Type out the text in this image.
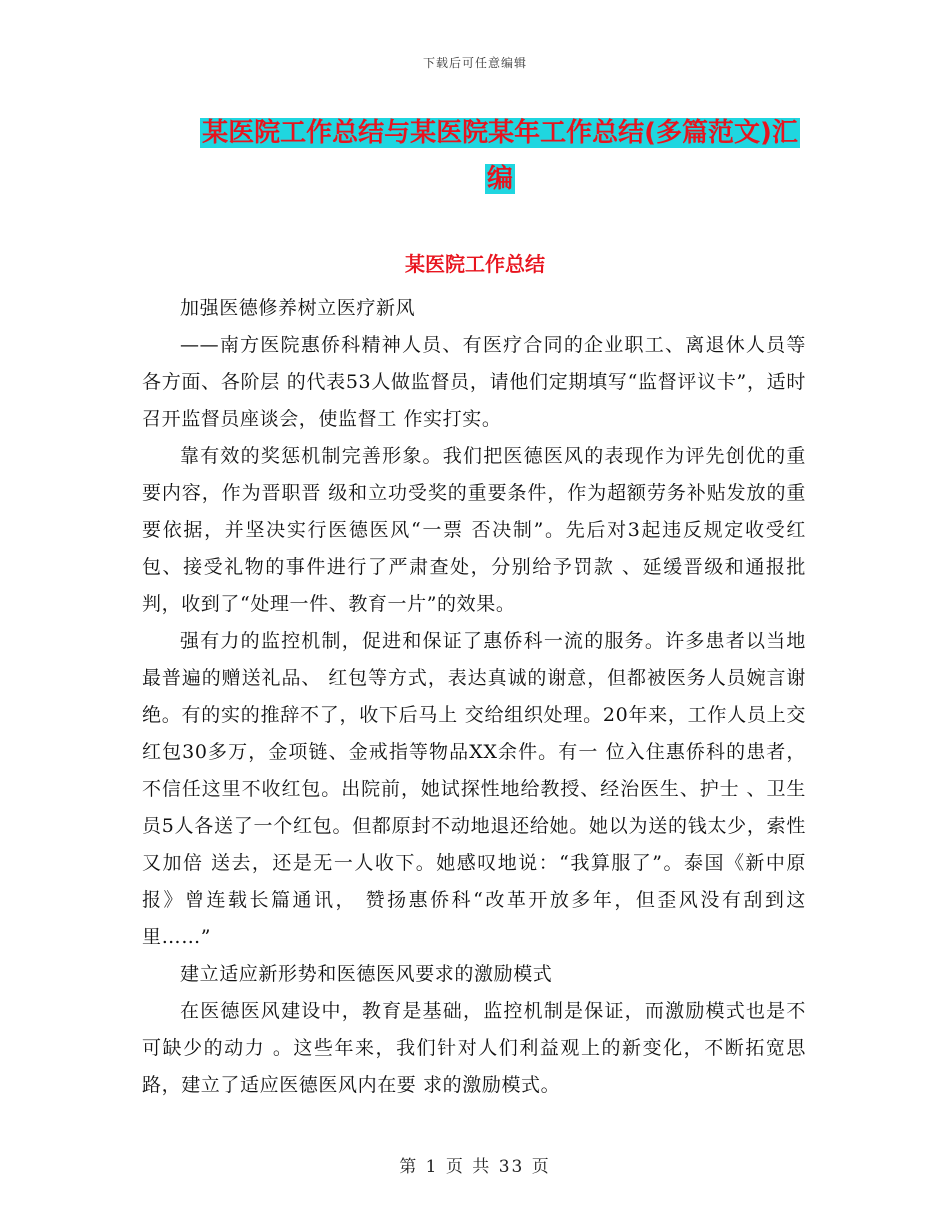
下载后可任意编辑
某医院工作总结与某医院某年工作总结(多篇范文)汇
编
某医院工作总结

加强医德修养树立医疗新风

——南方医院惠侨科精神人员、有医疗合同的企业职工、离退休人员等各方面、各阶层 的代表53人做监督员，请他们定期填写“监督评议卡”，适时召开监督员座谈会，使监督工 作实打实。

靠有效的奖惩机制完善形象。我们把医德医风的表现作为评先创优的重要内容，作为晋职晋 级和立功受奖的重要条件，作为超额劳务补贴发放的重要依据，并坚决实行医德医风“一票 否决制”。先后对3起违反规定收受红包、接受礼物的事件进行了严肃查处，分别给予罚款 、延缓晋级和通报批判，收到了“处理一件、教育一片”的效果。

强有力的监控机制，促进和保证了惠侨科一流的服务。许多患者以当地最普遍的赠送礼品、 红包等方式，表达真诚的谢意，但都被医务人员婉言谢绝。有的实的推辞不了，收下后马上 交给组织处理。20年来，工作人员上交红包30多万，金项链、金戒指等物品XX余件。有一 位入住惠侨科的患者，不信任这里不收红包。出院前，她试探性地给教授、经治医生、护士 、卫生员5人各送了一个红包。但都原封不动地退还给她。她以为送的钱太少，索性又加倍 送去，还是无一人收下。她感叹地说：“我算服了”。泰国《新中原报》曾连载长篇通讯， 赞扬惠侨科“改革开放多年，但歪风没有刮到这里……”

建立适应新形势和医德医风要求的激励模式

在医德医风建设中，教育是基础，监控机制是保证，而激励模式也是不可缺少的动力 。这些年来，我们针对人们利益观上的新变化，不断拓宽思路，建立了适应医德医风内在要 求的激励模式。

第 1 页 共 33 页
